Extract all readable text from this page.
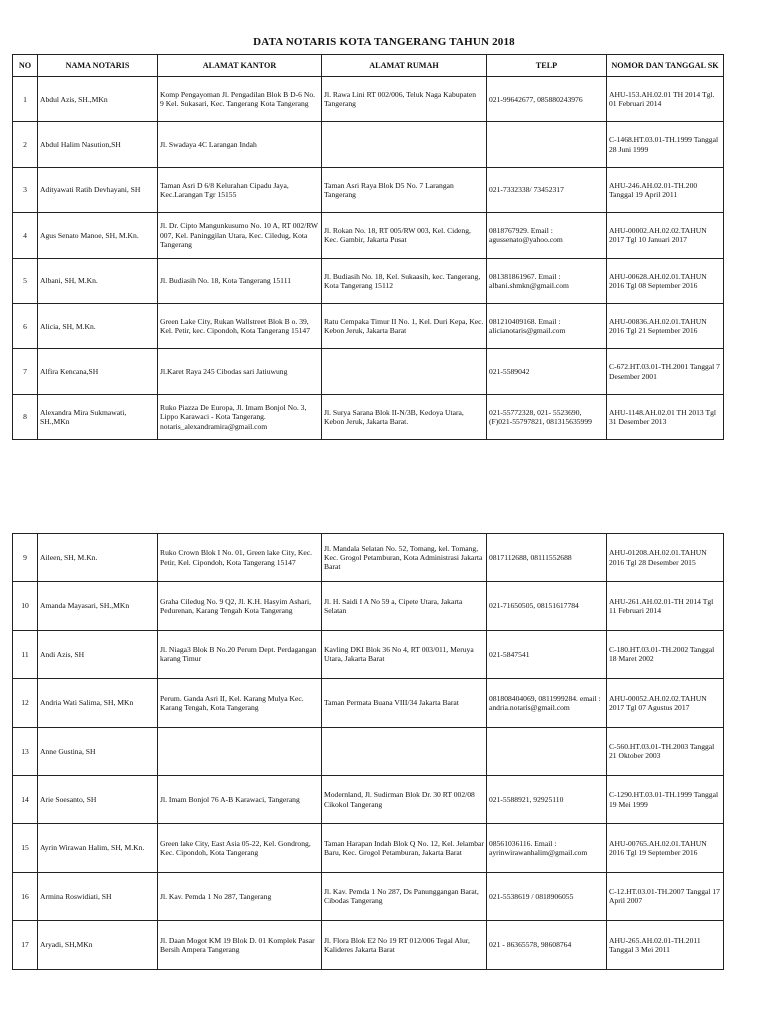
DATA NOTARIS KOTA TANGERANG TAHUN 2018
NO	NAMA NOTARIS	ALAMAT KANTOR	ALAMAT RUMAH	TELP	NOMOR DAN TANGGAL SK
1	Abdul Azis, SH.,MKn	Komp Pengayoman Jl. Pengadilan Blok B D-6 No. 9 Kel. Sukasari, Kec. Tangerang Kota Tangerang	Jl. Rawa Lini RT 002/006, Teluk Naga Kabupaten Tangerang	021-99642677, 085880243976	AHU-153.AH.02.01 TH 2014 Tgl. 01 Februari 2014
2	Abdul Halim Nasution,SH	Jl. Swadaya 4C Larangan Indah			C-1468.HT.03.01-TH.1999 Tanggal 28 Juni 1999
3	Adityawati Ratih Devhayani, SH	Taman Asri D 6/8 Kelurahan Cipadu Jaya, Kec.Larangan Tgr 15155	Taman Asri Raya Blok D5 No. 7 Larangan Tangerang	021-7332338/ 73452317	AHU-246.AH.02.01-TH.200 Tanggal 19 April 2011
4	Agus Senato Manoe, SH, M.Kn.	Jl. Dr. Cipto Mangunkusumo No. 10 A, RT 002/RW 007, Kel. Paninggilan Utara, Kec. Ciledug, Kota Tangerang	Jl. Rokan No. 18, RT 005/RW 003, Kel. Cideng, Kec. Gambir, Jakarta Pusat	0818767929. Email : agussenato@yahoo.com	AHU-00002.AH.02.02.TAHUN 2017 Tgl 10 Januari 2017
5	Albani, SH, M.Kn.	Jl. Budiasih No. 18, Kota Tangerang 15111	Jl. Budiasih No. 18, Kel. Sukaasih, kec. Tangerang, Kota Tangerang 15112	081381861967. Email : albani.shmkn@gmail.com	AHU-00628.AH.02.01.TAHUN 2016 Tgl 08 September 2016
6	Alicia, SH, M.Kn.	Green Lake City, Rukan Wallstreet Blok B o. 39, Kel. Petir, kec. Cipondoh, Kota Tangerang 15147	Ratu Cempaka Timur II No. 1, Kel. Duri Kepa, Kec. Kebon Jeruk, Jakarta Barat	081210409168. Email : alicianotaris@gmail.com	AHU-00836.AH.02.01.TAHUN 2016 Tgl 21 September 2016
7	Alfira Kencana,SH	Jl.Karet Raya 245 Cibodas sari Jatiuwung		021-5589042	C-672.HT.03.01-TH.2001 Tanggal 7 Desember 2001
8	Alexandra Mira Sukmawati, SH.,MKn	Ruko Piazza De Europa, Jl. Imam Bonjol No. 3, Lippo Karawaci - Kota Tangerang. notaris_alexandramira@gmail.com	Jl. Surya Sarana Blok II-N/3B, Kedoya Utara, Kebon Jeruk, Jakarta Barat.	021-55772328, 021- 5523690, (F)021-55797821, 081315635999	AHU-1148.AH.02.01 TH 2013 Tgl 31 Desember 2013
9	Aileen, SH, M.Kn.	Ruko Crown Blok I No. 01, Green lake City, Kec. Petir, Kel. Cipondoh, Kota Tangerang 15147	Jl. Mandala Selatan No. 52, Tomang, kel. Tomang, Kec. Grogol Petamburan, Kota Administrasi Jakarta Barat	0817112688, 08111552688	AHU-01208.AH.02.01.TAHUN 2016 Tgl 28 Desember 2015
10	Amanda Mayasari, SH.,MKn	Graha Ciledug No. 9 Q2, Jl. K.H. Hasyim Ashari, Pedurenan, Karang Tengah Kota Tangerang	Jl. H. Saidi I A No 59 a, Cipete Utara, Jakarta Selatan	021-71650505, 08151617784	AHU-261.AH.02.01-TH 2014 Tgl 11 Februari 2014
11	Andi Azis, SH	Jl. Niaga3 Blok B No.20 Perum Dept. Perdagangan karang Timur	Kavling DKI Blok 36 No 4, RT 003/011, Meruya Utara, Jakarta Barat	021-5847541	C-180.HT.03.01-TH.2002 Tanggal 18 Maret 2002
12	Andria Wati Salima, SH, MKn	Perum. Ganda Asri II, Kel. Karang Mulya Kec. Karang Tengah, Kota Tangerang	Taman Permata Buana VIII/34 Jakarta Barat	081808404069, 0811999284. email : andria.notaris@gmail.com	AHU-00052.AH.02.02.TAHUN 2017 Tgl 07 Agustus 2017
13	Anne Gustina, SH				C-560.HT.03.01-TH.2003 Tanggal 21 Oktober 2003
14	Arie Soesanto, SH	Jl. Imam Bonjol 76 A-B Karawaci, Tangerang	Modernland, Jl. Sudirman Blok Dr. 30 RT 002/08 Cikokol Tangerang	021-5588921, 92925110	C-1290.HT.03.01-TH.1999 Tanggal 19 Mei 1999
15	Ayrin Wirawan Halim, SH, M.Kn.	Green lake City, East Asia 05-22, Kel. Gondrong, Kec. Cipondoh, Kota Tangerang	Taman Harapan Indah Blok Q No. 12, Kel. Jelambar Baru, Kec. Grogol Petamburan, Jakarta Barat	08561036116. Email : ayrinwirawanhalim@gmail.com	AHU-00765.AH.02.01.TAHUN 2016 Tgl 19 September 2016
16	Armina Roswidiati, SH	Jl. Kav. Pemda 1 No 287, Tangerang	Jl. Kav. Pemda 1 No 287, Ds Panunggangan Barat, Cibodas Tangerang	021-5538619 / 0818906055	C-12.HT.03.01-TH.2007 Tanggal 17 April 2007
17	Aryadi, SH,MKn	Jl. Daan Mogot KM 19 Blok D. 01 Komplek Pasar Bersih Ampera Tangerang	Jl. Flora Blok E2 No 19 RT 012/006 Tegal Alur, Kalideres Jakarta Barat	021 - 86365578, 98608764	AHU-265.AH.02.01-TH.2011 Tanggal 3 Mei 2011
